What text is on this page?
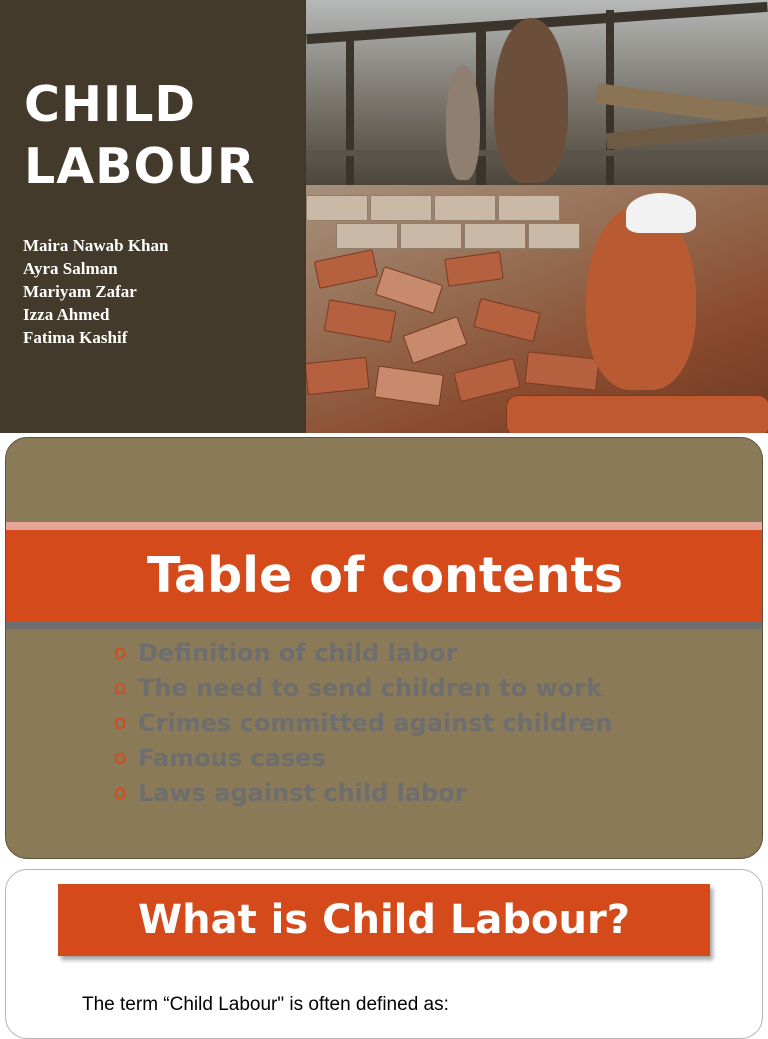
CHILD
LABOUR
Maira Nawab Khan
Ayra Salman
Mariyam Zafar
Izza Ahmed
Fatima Kashif
Table of contents
o Definition of child labor
o The need to send children to work
o Crimes committed against children
o Famous cases
o Laws against child labor
What is Child Labour?

The term “Child Labour" is often defined as:
